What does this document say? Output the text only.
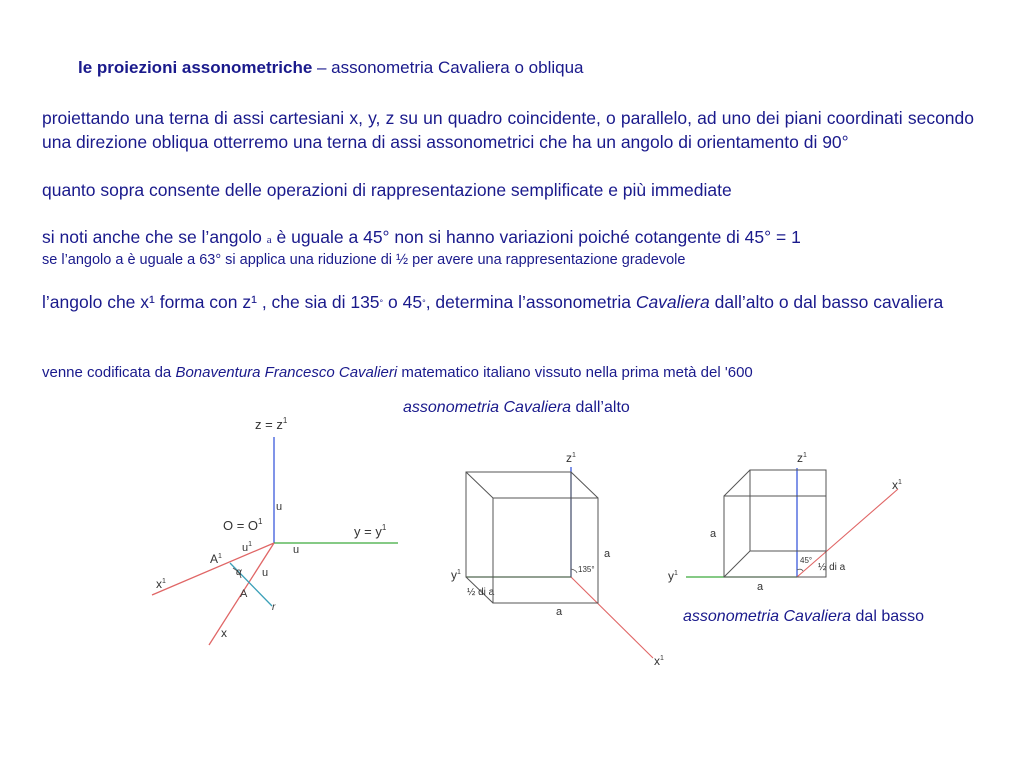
le proiezioni assonometriche – assonometria Cavaliera o obliqua
proiettando una terna di assi cartesiani x, y, z su un quadro coincidente, o parallelo, ad uno dei piani coordinati secondo una direzione obliqua otterremo una terna di assi assonometrici che ha un angolo di orientamento di 90°
quanto sopra consente delle operazioni di rappresentazione semplificate e più immediate
si noti anche che se l’angolo a è uguale a 45° non si hanno variazioni poiché cotangente di 45° = 1
se l’angolo a è uguale a 63° si applica una riduzione di ½ per avere una rappresentazione gradevole
l’angolo che x¹ forma con z¹ , che sia di 135° o 45°, determina l’assonometria Cavaliera dall’alto o dal basso cavaliera
venne codificata da Bonaventura Francesco Cavalieri matematico italiano vissuto nella prima metà del '600
assonometria Cavaliera dall’alto
assonometria Cavaliera dal basso
$z = z^1$
u
$O = O^1$
$y = y^1$
u
$u^1$
$A^1$
α u
A
r
$x^1$
x
$z^1$
$y^1$
$x^1$
a
a
½ di a
135°
$z^1$
$y^1$
$x^1$
a
a
½ di a
45°
